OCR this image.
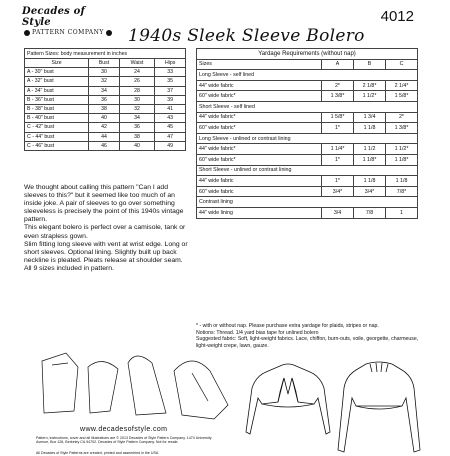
Decades of Style
PATTERN COMPANY
4012
1940s Sleek Sleeve Bolero
Pattern Sizes: body measurement in inches			
Size	Bust	Waist	Hips
A - 30" bust	30	24	33
A - 32" bust	32	26	35
A - 34" bust	34	28	37
B - 36" bust	36	30	39
B - 38" bust	38	32	41
B - 40" bust	40	34	43
C - 42" bust	42	36	45
C - 44" bust	44	38	47
C - 46" bust	46	40	49
Yardage Requirements (without nap)			
Sizes	A	B	C
Long Sleeve - self lined			
44" wide fabric	2*	2 1/8*	2 1/4*
60" wide fabric*	1 3/8*	1 1/2*	1 5/8*
Short Sleeve - self lined			
44" wide fabric*	1 5/8*	1 3/4	2*
60" wide fabric*	1*	1 1/8	1 3/8*
Long Sleeve - unlined or contrast lining			
44" wide fabric*	1 1/4*	1 1/2	1 1/2*
60" wide fabric*	1*	1 1/8*	1 1/8*
Short Sleeve - unlined or contrast lining			
44" wide fabric	1*	1 1/8	1 1/8
60" wide fabric	3/4*	3/4*	7/8*
Contrast lining			
44" wide lining	3/4	7/8	1

We thought about calling this pattern "Can I add sleeves to this?" but it seemed like too much of an inside joke. A pair of sleeves to go over something sleeveless is precisely the point of this 1940s vintage pattern.

This elegant bolero is perfect over a camisole, tank or even strapless gown.

Slim fitting long sleeve with vent at wrist edge. Long or short sleeves. Optional lining. Slightly built up back neckline is pleated. Pleats release at shoulder seam.

All 9 sizes included in pattern.

* - with or without nap. Please purchase extra yardage for plaids, stripes or nap.
Notions: Thread. 1/4 yard bias tape for unlined bolero
Suggested fabric: Soft, light-weight fabrics. Lace, chiffon, burn-outs, voile, georgette, charmeuse, light-weight crepe, lawn, gauze.
www.decadesofstyle.com
Pattern, instructions, cover and all illustrations are © 2013 Decades of Style Pattern Company. 1474 University Avenue, Box 126, Berkeley CA 94702. Decades of Style Pattern Company. Not for resale.
All Decades of Style Patterns are created, printed and assembled in the USA
